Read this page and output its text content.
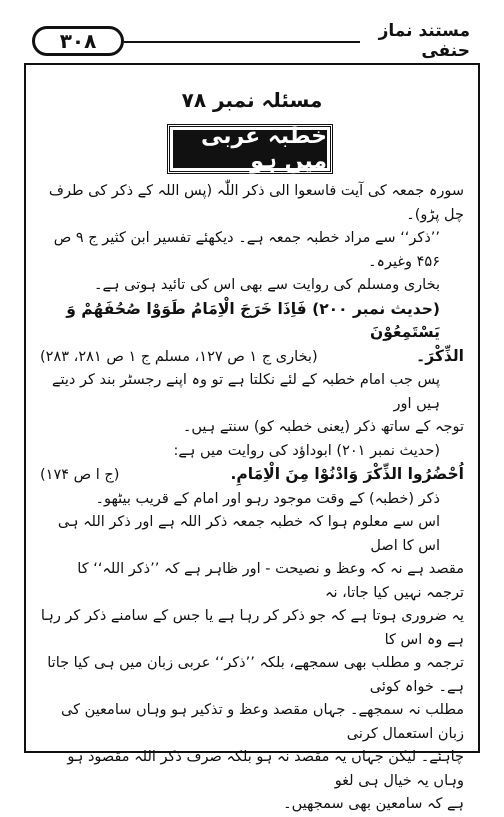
۳۰۸	مستند نماز حنفی
مسئلہ نمبر ۷۸
خطبہ عربی میں ہو

سورہ جمعہ کی آیت فاسعوا الی ذکر اللّٰہ (پس اللہ کے ذکر کی طرف

چل پڑو)۔

’’ذکر‘‘ سے مراد خطبہ جمعہ ہے۔ دیکھئے تفسیر ابن کثیر ج ۹ ص ۴۵۶ وغیرہ۔

بخاری ومسلم کی روایت سے بھی اس کی تائید ہوتی ہے۔

(حدیث نمبر ۲۰۰) فَاِذَا خَرَجَ الْاِمَامُ طَوَوْا صُحُفَهُمْ وَ يَسْتَمِعُوْنَ

الذِّكْرَ۔
(بخاری ج ۱ ص ۱۲۷، مسلم ج ۱ ص ۲۸۱، ۲۸۳)

پس جب امام خطبہ کے لئے نکلتا ہے تو وہ اپنے رجسٹر بند کر دیتے ہیں اور

توجہ کے ساتھ ذکر (یعنی خطبہ کو) سنتے ہیں۔

(حدیث نمبر ۲۰۱) ابوداؤد کی روایت میں ہے:

اُحْضُرُوا الذِّكْرَ وَادْنُوْا مِنَ الْاِمَامِ.
(ج ا ص ۱۷۴)

ذکر (خطبہ) کے وقت موجود رہو اور امام کے قریب بیٹھو۔

اس سے معلوم ہوا کہ خطبہ جمعہ ذکر اللہ ہے اور ذکر اللہ ہی اس کا اصل

مقصد ہے نہ کہ وعظ و نصیحت - اور ظاہر ہے کہ ’’ذکر اللہ‘‘ کا ترجمہ نہیں کیا جاتا، نہ

یہ ضروری ہوتا ہے کہ جو ذکر کر رہا ہے یا جس کے سامنے ذکر کر رہا ہے وہ اس کا

ترجمہ و مطلب بھی سمجھے، بلکہ ’’ذکر‘‘ عربی زبان میں ہی کیا جاتا ہے۔ خواہ کوئی

مطلب نہ سمجھے۔ جہاں مقصد وعظ و تذکیر ہو وہاں سامعین کی زبان استعمال کرنی

چاہئے۔ لیکن جہاں یہ مقصد نہ ہو بلکہ صرف ذکر اللہ مقصود ہو وہاں یہ خیال ہی لغو

ہے کہ سامعین بھی سمجھیں۔
